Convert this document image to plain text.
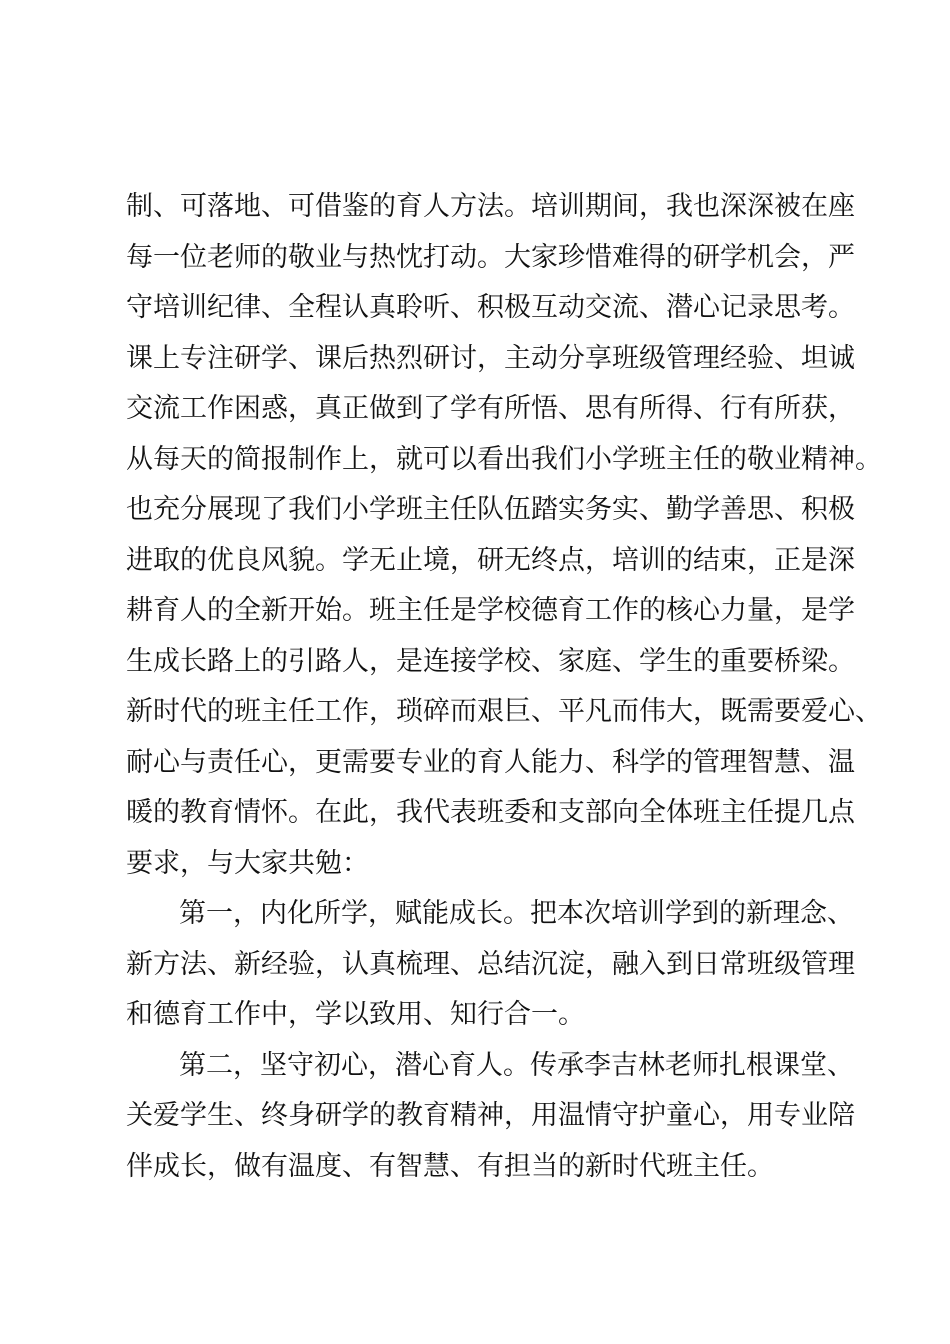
制、可落地、可借鉴的育人方法。培训期间，我也深深被在座
每一位老师的敬业与热忱打动。大家珍惜难得的研学机会，严
守培训纪律、全程认真聆听、积极互动交流、潜心记录思考。
课上专注研学、课后热烈研讨，主动分享班级管理经验、坦诚
交流工作困惑，真正做到了学有所悟、思有所得、行有所获，
从每天的简报制作上，就可以看出我们小学班主任的敬业精神。
也充分展现了我们小学班主任队伍踏实务实、勤学善思、积极
进取的优良风貌。学无止境，研无终点，培训的结束，正是深
耕育人的全新开始。班主任是学校德育工作的核心力量，是学
生成长路上的引路人，是连接学校、家庭、学生的重要桥梁。
新时代的班主任工作，琐碎而艰巨、平凡而伟大，既需要爱心、
耐心与责任心，更需要专业的育人能力、科学的管理智慧、温
暖的教育情怀。在此，我代表班委和支部向全体班主任提几点
要求，与大家共勉：
第一，内化所学，赋能成长。把本次培训学到的新理念、
新方法、新经验，认真梳理、总结沉淀，融入到日常班级管理
和德育工作中，学以致用、知行合一。
第二，坚守初心，潜心育人。传承李吉林老师扎根课堂、
关爱学生、终身研学的教育精神，用温情守护童心，用专业陪
伴成长，做有温度、有智慧、有担当的新时代班主任。
